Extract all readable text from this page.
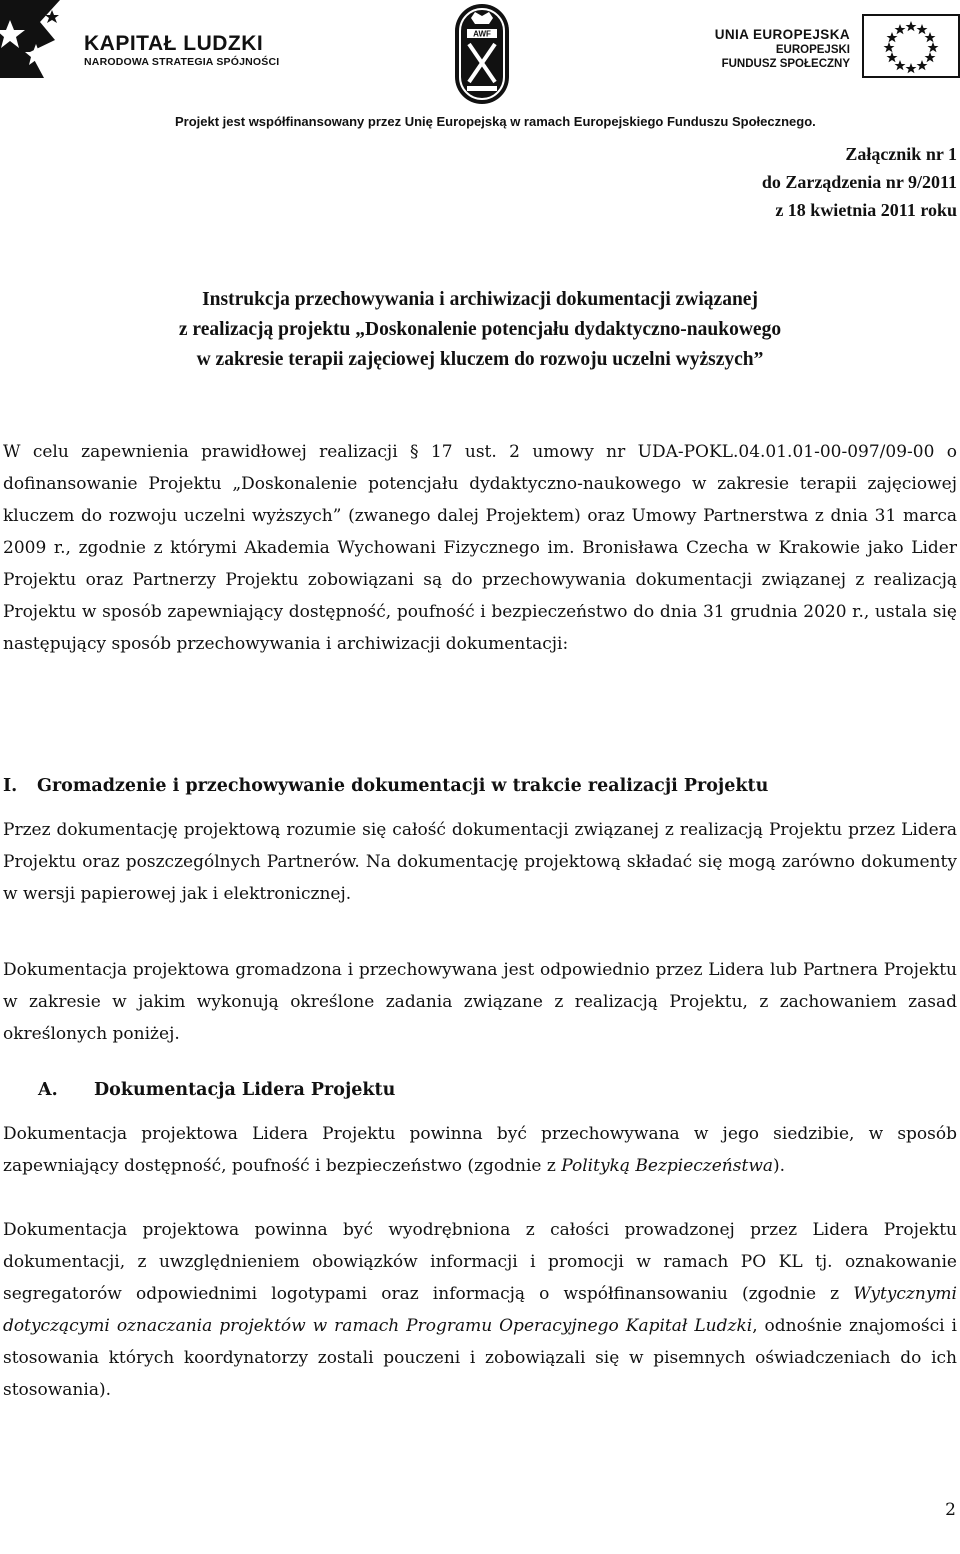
KAPITAŁ LUDZKI
NARODOWA STRATEGIA SPÓJNOŚCI
AWF	UNIA EUROPEJSKA
EUROPEJSKI
FUNDUSZ SPOŁECZNY
Projekt jest współfinansowany przez Unię Europejską w ramach Europejskiego Funduszu Społecznego.
Załącznik nr 1
do Zarządzenia nr 9/2011
z 18 kwietnia 2011 roku
Instrukcja przechowywania i archiwizacji dokumentacji związanej
z realizacją projektu „Doskonalenie potencjału dydaktyczno-naukowego
w zakresie terapii zajęciowej kluczem do rozwoju uczelni wyższych”
W celu zapewnienia prawidłowej realizacji § 17 ust. 2 umowy nr UDA-POKL.04.01.01-00-097/09-00 o dofinansowanie Projektu „Doskonalenie potencjału dydaktyczno-naukowego w zakresie terapii zajęciowej kluczem do rozwoju uczelni wyższych” (zwanego dalej Projektem) oraz Umowy Partnerstwa z dnia 31 marca 2009 r., zgodnie z którymi Akademia Wychowani Fizycznego im. Bronisława Czecha w Krakowie jako Lider Projektu oraz Partnerzy Projektu zobowiązani są do przechowywania dokumentacji związanej z realizacją Projektu w sposób zapewniający dostępność, poufność i bezpieczeństwo do dnia 31 grudnia 2020 r., ustala się następujący sposób przechowywania i archiwizacji dokumentacji:
I. Gromadzenie i przechowywanie dokumentacji w trakcie realizacji Projektu
Przez dokumentację projektową rozumie się całość dokumentacji związanej z realizacją Projektu przez Lidera Projektu oraz poszczególnych Partnerów. Na dokumentację projektową składać się mogą zarówno dokumenty w wersji papierowej jak i elektronicznej.
Dokumentacja projektowa gromadzona i przechowywana jest odpowiednio przez Lidera lub Partnera Projektu w zakresie w jakim wykonują określone zadania związane z realizacją Projektu, z zachowaniem zasad określonych poniżej.
A. Dokumentacja Lidera Projektu
Dokumentacja projektowa Lidera Projektu powinna być przechowywana w jego siedzibie, w sposób zapewniający dostępność, poufność i bezpieczeństwo (zgodnie z Polityką Bezpieczeństwa).
Dokumentacja projektowa powinna być wyodrębniona z całości prowadzonej przez Lidera Projektu dokumentacji, z uwzględnieniem obowiązków informacji i promocji w ramach PO KL tj. oznakowanie segregatorów odpowiednimi logotypami oraz informacją o współfinansowaniu (zgodnie z Wytycznymi dotyczącymi oznaczania projektów w ramach Programu Operacyjnego Kapitał Ludzki, odnośnie znajomości i stosowania których koordynatorzy zostali pouczeni i zobowiązali się w pisemnych oświadczeniach do ich stosowania).
2
